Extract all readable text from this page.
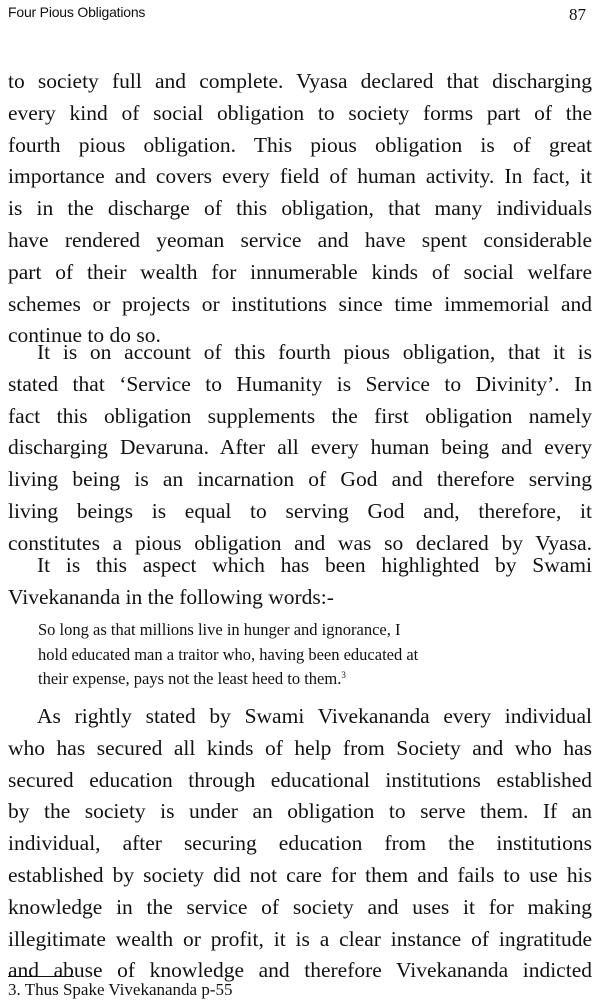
Four Pious Obligations	87
to society full and complete. Vyasa declared that discharging
every kind of social obligation to society forms part of the
fourth pious obligation. This pious obligation is of great
importance and covers every field of human activity. In fact, it
is in the discharge of this obligation, that many individuals
have rendered yeoman service and have spent considerable
part of their wealth for innumerable kinds of social welfare
schemes or projects or institutions since time immemorial and
continue to do so.
It is on account of this fourth pious obligation, that it is
stated that ‘Service to Humanity is Service to Divinity’. In
fact this obligation supplements the first obligation namely
discharging Devaruna. After all every human being and every
living being is an incarnation of God and therefore serving
living beings is equal to serving God and, therefore, it
constitutes a pious obligation and was so declared by Vyasa.
It is this aspect which has been highlighted by Swami
Vivekananda in the following words:-
So long as that millions live in hunger and ignorance, I
hold educated man a traitor who, having been educated at
their expense, pays not the least heed to them.$^3$
As rightly stated by Swami Vivekananda every individual
who has secured all kinds of help from Society and who has
secured education through educational institutions established
by the society is under an obligation to serve them. If an
individual, after securing education from the institutions
established by society did not care for them and fails to use his
knowledge in the service of society and uses it for making
illegitimate wealth or profit, it is a clear instance of ingratitude
and abuse of knowledge and therefore Vivekananda indicted
3. Thus Spake Vivekananda p-55
